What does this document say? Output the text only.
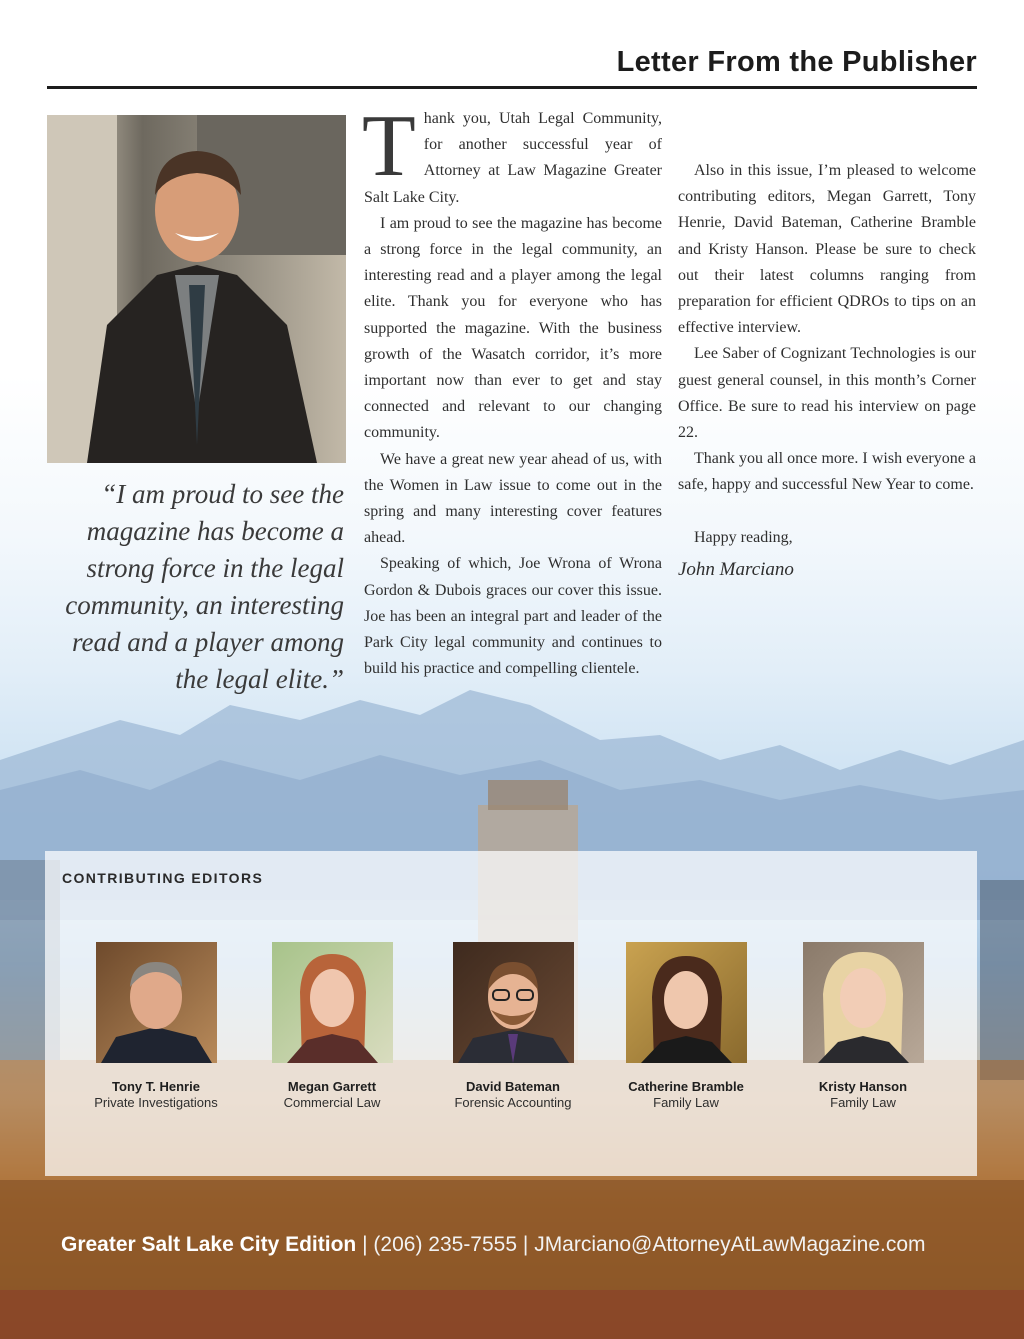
Letter From the Publisher
“I am proud to see the magazine has become a strong force in the legal community, an interesting read and a player among the legal elite.”

Thank you, Utah Legal Community, for another successful year of Attorney at Law Magazine Greater Salt Lake City.

I am proud to see the magazine has become a strong force in the legal community, an interesting read and a player among the legal elite. Thank you for everyone who has supported the magazine. With the business growth of the Wasatch corridor, it’s more important now than ever to get and stay connected and relevant to our changing community.

We have a great new year ahead of us, with the Women in Law issue to come out in the spring and many interesting cover features ahead.

Speaking of which, Joe Wrona of Wrona Gordon & Dubois graces our cover this issue. Joe has been an integral part and leader of the Park City legal community and continues to build his practice and compelling clientele.

Also in this issue, I’m pleased to welcome contributing editors, Megan Garrett, Tony Henrie, David Bateman, Catherine Bramble and Kristy Hanson. Please be sure to check out their latest columns ranging from preparation for efficient QDROs to tips on an effective interview.

Lee Saber of Cognizant Technologies is our guest general counsel, in this month’s Corner Office. Be sure to read his interview on page 22.

Thank you all once more. I wish everyone a safe, happy and successful New Year to come.

Happy reading,

John Marciano

CONTRIBUTING EDITORS
Tony T. Henrie
Private Investigations
Megan Garrett
Commercial Law
David Bateman
Forensic Accounting
Catherine Bramble
Family Law
Kristy Hanson
Family Law
Greater Salt Lake City Edition | (206) 235-7555 | JMarciano@AttorneyAtLawMagazine.com
